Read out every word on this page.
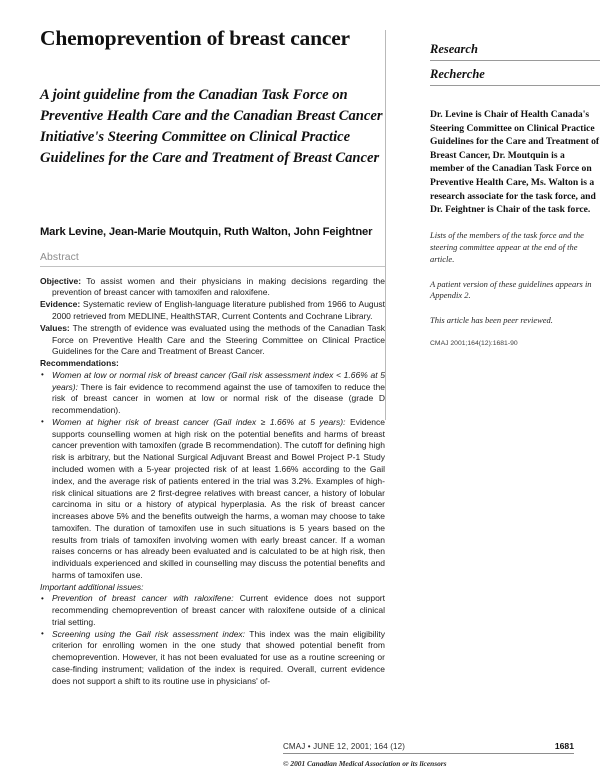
Chemoprevention of breast cancer

A joint guideline from the Canadian Task Force on Preventive Health Care and the Canadian Breast Cancer Initiative's Steering Committee on Clinical Practice Guidelines for the Care and Treatment of Breast Cancer

Mark Levine, Jean-Marie Moutquin, Ruth Walton, John Feightner

Abstract

Objective: To assist women and their physicians in making decisions regarding the prevention of breast cancer with tamoxifen and raloxifene.

Evidence: Systematic review of English-language literature published from 1966 to August 2000 retrieved from MEDLINE, HealthSTAR, Current Contents and Cochrane Library.

Values: The strength of evidence was evaluated using the methods of the Canadian Task Force on Preventive Health Care and the Steering Committee on Clinical Practice Guidelines for the Care and Treatment of Breast Cancer.

Recommendations:

• Women at low or normal risk of breast cancer (Gail risk assessment index < 1.66% at 5 years): There is fair evidence to recommend against the use of tamoxifen to reduce the risk of breast cancer in women at low or normal risk of the disease (grade D recommendation).
• Women at higher risk of breast cancer (Gail index ≥ 1.66% at 5 years): Evidence supports counselling women at high risk on the potential benefits and harms of breast cancer prevention with tamoxifen (grade B recommendation). The cutoff for defining high risk is arbitrary, but the National Surgical Adjuvant Breast and Bowel Project P-1 Study included women with a 5-year projected risk of at least 1.66% according to the Gail index, and the average risk of patients entered in the trial was 3.2%. Examples of high-risk clinical situations are 2 first-degree relatives with breast cancer, a history of lobular carcinoma in situ or a history of atypical hyperplasia. As the risk of breast cancer increases above 5% and the benefits outweigh the harms, a woman may choose to take tamoxifen. The duration of tamoxifen use in such situations is 5 years based on the results from trials of tamoxifen involving women with early breast cancer. If a woman raises concerns or has already been evaluated and is calculated to be at high risk, then individuals experienced and skilled in counselling may discuss the potential benefits and harms of tamoxifen use.

Important additional issues:

• Prevention of breast cancer with raloxifene: Current evidence does not support recommending chemoprevention of breast cancer with raloxifene outside of a clinical trial setting.
• Screening using the Gail risk assessment index: This index was the main eligibility criterion for enrolling women in the one study that showed potential benefit from chemoprevention. However, it has not been evaluated for use as a routine screening or case-finding instrument; validation of the index is required. Overall, current evidence does not support a shift to its routine use in physicians' of-
Research
Recherche

Dr. Levine is Chair of Health Canada's Steering Committee on Clinical Practice Guidelines for the Care and Treatment of Breast Cancer, Dr. Moutquin is a member of the Canadian Task Force on Preventive Health Care, Ms. Walton is a research associate for the task force, and Dr. Feightner is Chair of the task force.

Lists of the members of the task force and the steering committee appear at the end of the article.

A patient version of these guidelines appears in Appendix 2.

This article has been peer reviewed.

CMAJ 2001;164(12):1681-90

CMAJ • JUNE 12, 2001; 164 (12)	1681
© 2001 Canadian Medical Association or its licensors
